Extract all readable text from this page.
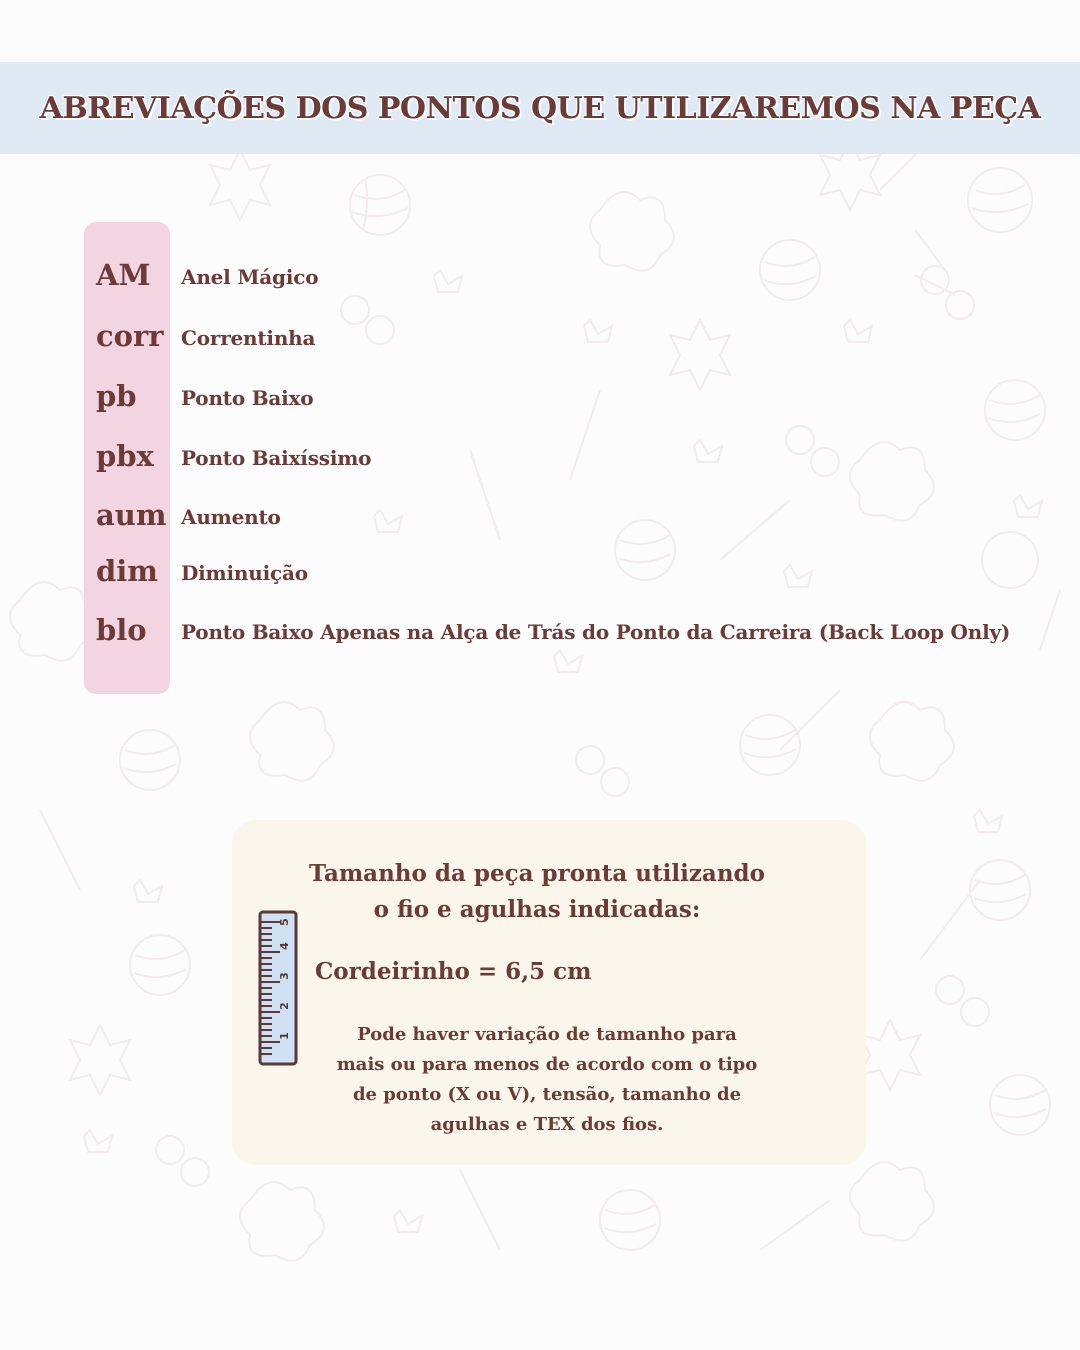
ABREVIAÇÕES DOS PONTOS QUE UTILIZAREMOS NA PEÇA
AM Anel Mágico
corr Correntinha
pb Ponto Baixo
pbx Ponto Baixíssimo
aum Aumento
dim Diminuição
blo Ponto Baixo Apenas na Alça de Trás do Ponto da Carreira (Back Loop Only)
Tamanho da peça pronta utilizando
o fio e agulhas indicadas:
1
2
3
4
5
Cordeirinho = 6,5 cm
Pode haver variação de tamanho para
mais ou para menos de acordo com o tipo
de ponto (X ou V), tensão, tamanho de
agulhas e TEX dos fios.
